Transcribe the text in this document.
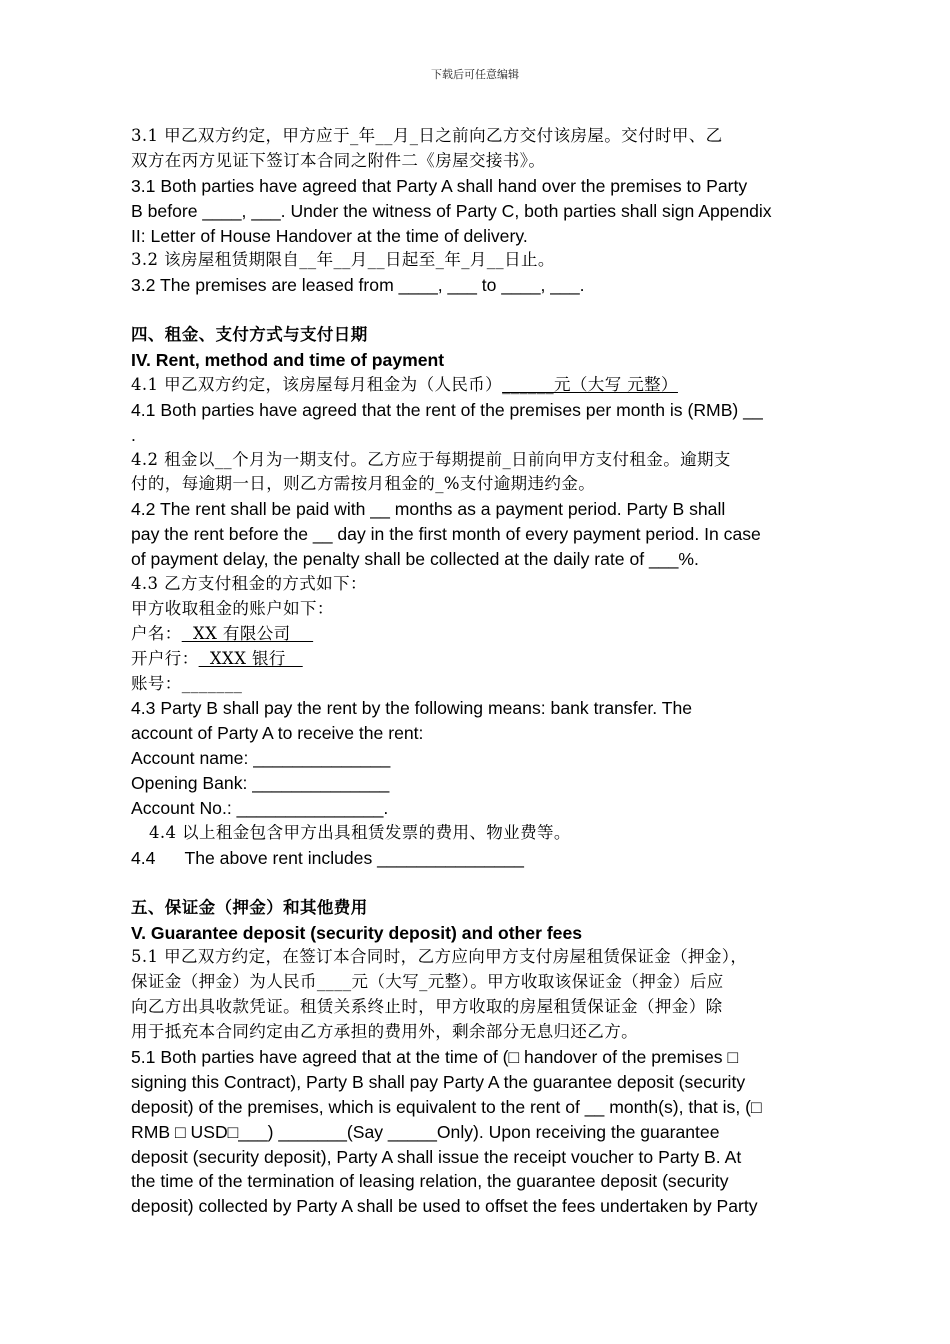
下载后可任意编辑
3.1 甲乙双方约定，甲方应于_年__月_日之前向乙方交付该房屋。交付时甲、乙
双方在丙方见证下签订本合同之附件二《房屋交接书》。
3.1 Both parties have agreed that Party A shall hand over the premises to Party
B before ____, ___. Under the witness of Party C, both parties shall sign Appendix
II: Letter of House Handover at the time of delivery.
3.2 该房屋租赁期限自__年__月__日起至_年_月__日止。
3.2 The premises are leased from ____, ___ to ____, ___.
四、租金、支付方式与支付日期
IV. Rent, method and time of payment
4.1 甲乙双方约定，该房屋每月租金为（人民币）______元（大写 元整）
4.1 Both parties have agreed that the rent of the premises per month is (RMB) __
.
4.2 租金以__个月为一期支付。乙方应于每期提前_日前向甲方支付租金。逾期支
付的，每逾期一日，则乙方需按月租金的_%支付逾期违约金。
4.2 The rent shall be paid with __ months as a payment period. Party B shall
pay the rent before the __ day in the first month of every payment period. In case
of payment delay, the penalty shall be collected at the daily rate of ___%.
4.3 乙方支付租金的方式如下：
甲方收取租金的账户如下：
户名：  XX 有限公司
开户行：  XXX 银行
账号：_______
4.3 Party B shall pay the rent by the following means: bank transfer. The
account of Party A to receive the rent:
Account name: ______________
Opening Bank: ______________
Account No.: _______________.
4.4 以上租金包含甲方出具租赁发票的费用、物业费等。
4.4      The above rent includes _______________
五、保证金（押金）和其他费用
V. Guarantee deposit (security deposit) and other fees
5.1 甲乙双方约定，在签订本合同时，乙方应向甲方支付房屋租赁保证金（押金），
保证金（押金）为人民币____元（大写_元整）。甲方收取该保证金（押金）后应
向乙方出具收款凭证。租赁关系终止时，甲方收取的房屋租赁保证金（押金）除
用于抵充本合同约定由乙方承担的费用外，剩余部分无息归还乙方。
5.1 Both parties have agreed that at the time of (□ handover of the premises □
signing this Contract), Party B shall pay Party A the guarantee deposit (security
deposit) of the premises, which is equivalent to the rent of __ month(s), that is, (□
RMB □ USD□___) _______(Say _____Only). Upon receiving the guarantee
deposit (security deposit), Party A shall issue the receipt voucher to Party B. At
the time of the termination of leasing relation, the guarantee deposit (security
deposit) collected by Party A shall be used to offset the fees undertaken by Party
